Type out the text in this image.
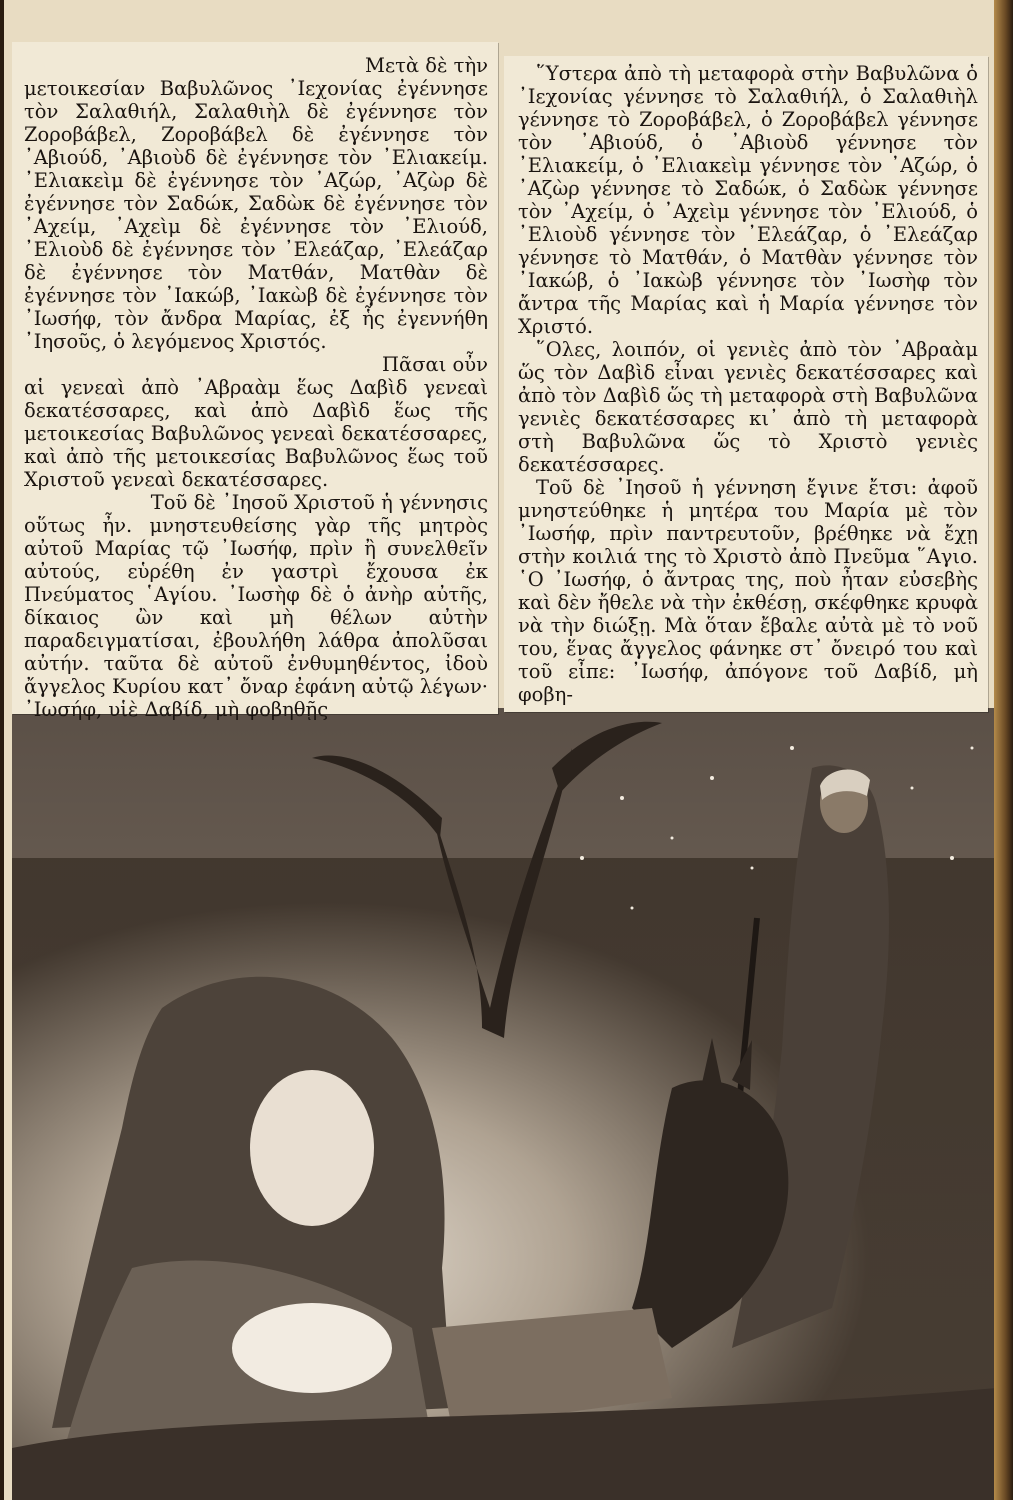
Μετὰ δὲ τὴν

μετοικεσίαν Βαβυλῶνος ᾿Ιεχονίας ἐγέννησε τὸν Σαλαθιήλ, Σαλαθιὴλ δὲ ἐγέννησε τὸν Ζοροβάβελ, Ζοροβάβελ δὲ ἐγέννησε τὸν ᾿Αβιούδ, ᾿Αβιοὺδ δὲ ἐγέννησε τὸν ᾿Ελιακείμ. ᾿Ελιακεὶμ δὲ ἐγέννησε τὸν ᾿Αζώρ, ᾿Αζὼρ δὲ ἐγέννησε τὸν Σαδώκ, Σαδὼκ δὲ ἐγέννησε τὸν ᾿Αχείμ, ᾿Αχεὶμ δὲ ἐγέννησε τὸν ᾿Ελιούδ, ᾿Ελιοὺδ δὲ ἐγέννησε τὸν ᾿Ελεάζαρ, ᾿Ελεάζαρ δὲ ἐγέννησε τὸν Ματθάν, Ματθὰν δὲ ἐγέννησε τὸν ᾿Ιακώβ, ᾿Ιακὼβ δὲ ἐγέννησε τὸν ᾿Ιωσήφ, τὸν ἄνδρα Μαρίας, ἐξ ἧς ἐγεννήθη ᾿Ιησοῦς, ὁ λεγόμενος Χριστός.

Πᾶσαι οὖν

αἱ γενεαὶ ἀπὸ ᾿Αβραὰμ ἕως Δαβὶδ γενεαὶ δεκατέσσαρες, καὶ ἀπὸ Δαβὶδ ἕως τῆς μετοικεσίας Βαβυλῶνος γενεαὶ δεκατέσσαρες, καὶ ἀπὸ τῆς μετοικεσίας Βαβυλῶνος ἕως τοῦ Χριστοῦ γενεαὶ δεκατέσσαρες.

Τοῦ δὲ ᾿Ιησοῦ Χριστοῦ ἡ γέννησις

οὕτως ἦν. μνηστευθείσης γὰρ τῆς μητρὸς αὐτοῦ Μαρίας τῷ ᾿Ιωσήφ, πρὶν ἢ συνελθεῖν αὐτούς, εὑρέθη ἐν γαστρὶ ἔχουσα ἐκ Πνεύματος ῾Αγίου. ᾿Ιωσὴφ δὲ ὁ ἀνὴρ αὐτῆς, δίκαιος ὢν καὶ μὴ θέλων αὐτὴν παραδειγματίσαι, ἐβουλήθη λάθρα ἀπολῦσαι αὐτήν. ταῦτα δὲ αὐτοῦ ἐνθυμηθέντος, ἰδοὺ ἄγγελος Κυρίου κατ᾿ ὄναρ ἐφάνη αὐτῷ λέγων· ᾿Ιωσήφ, υἱὲ Δαβίδ, μὴ φοβηθῇς

῞Υστερα ἀπὸ τὴ μεταφορὰ στὴν Βαβυλῶνα ὁ ᾿Ιεχονίας γέννησε τὸ Σαλαθιήλ, ὁ Σαλαθιὴλ γέννησε τὸ Ζοροβάβελ, ὁ Ζοροβάβελ γέννησε τὸν ᾿Αβιούδ, ὁ ᾿Αβιοὺδ γέννησε τὸν ᾿Ελιακείμ, ὁ ᾿Ελιακεὶμ γέννησε τὸν ᾿Αζώρ, ὁ ᾿Αζὼρ γέννησε τὸ Σαδώκ, ὁ Σαδὼκ γέννησε τὸν ᾿Αχείμ, ὁ ᾿Αχεὶμ γέννησε τὸν ᾿Ελιούδ, ὁ ᾿Ελιοὺδ γέννησε τὸν ᾿Ελεάζαρ, ὁ ᾿Ελεάζαρ γέννησε τὸ Ματθάν, ὁ Ματθὰν γέννησε τὸν ᾿Ιακώβ, ὁ ᾿Ιακὼβ γέννησε τὸν ᾿Ιωσὴφ τὸν ἄντρα τῆς Μαρίας καὶ ἡ Μαρία γέννησε τὸν Χριστό.

῞Ολες, λοιπόν, οἱ γενιὲς ἀπὸ τὸν ᾿Αβραὰμ ὥς τὸν Δαβὶδ εἶναι γενιὲς δεκατέσσαρες καὶ ἀπὸ τὸν Δαβὶδ ὥς τὴ μεταφορὰ στὴ Βαβυλῶνα γενιὲς δεκατέσσαρες κι᾿ ἀπὸ τὴ μεταφορὰ στὴ Βαβυλῶνα ὥς τὸ Χριστὸ γενιὲς δεκατέσσαρες.

Τοῦ δὲ ᾿Ιησοῦ ἡ γέννηση ἔγινε ἔτσι: ἀφοῦ μνηστεύθηκε ἡ μητέρα του Μαρία μὲ τὸν ᾿Ιωσήφ, πρὶν παντρευτοῦν, βρέθηκε νὰ ἔχῃ στὴν κοιλιά της τὸ Χριστὸ ἀπὸ Πνεῦμα ῞Αγιο. ῾Ο ᾿Ιωσήφ, ὁ ἄντρας της, ποὺ ἦταν εὐσεβὴς καὶ δὲν ἤθελε νὰ τὴν ἐκθέσῃ, σκέφθηκε κρυφὰ νὰ τὴν διώξῃ. Μὰ ὅταν ἔβαλε αὐτὰ μὲ τὸ νοῦ του, ἕνας ἄγγελος φάνηκε στ᾿ ὄνειρό του καὶ τοῦ εἶπε: ᾿Ιωσήφ, ἀπόγονε τοῦ Δαβίδ, μὴ φοβη-
